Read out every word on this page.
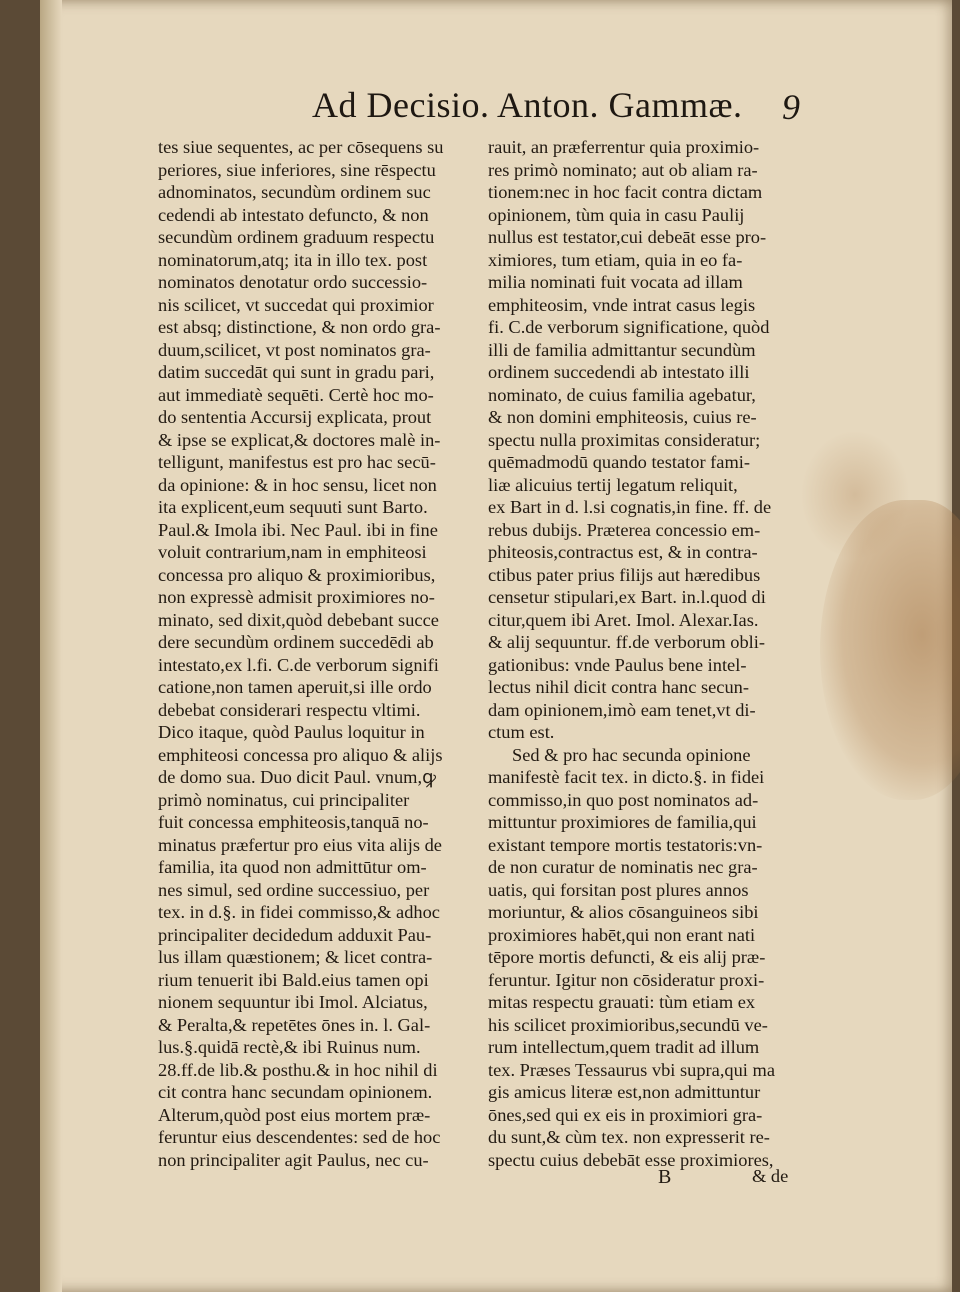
Ad Decisio. Anton. Gammæ. 9
tes siue sequentes, ac per cōsequens su
periores, siue inferiores, sine rēspectu
adnominatos, secundùm ordinem suc
cedendi ab intestato defuncto, & non
secundùm ordinem graduum respectu
nominatorum,atq; ita in illo tex. post
nominatos denotatur ordo successio-
nis scilicet, vt succedat qui proximior
est absq; distinctione, & non ordo gra-
duum,scilicet, vt post nominatos gra-
datim succedāt qui sunt in gradu pari,
aut immediatè sequēti. Certè hoc mo-
do sententia Accursij explicata, prout
& ipse se explicat,& doctores malè in-
telligunt, manifestus est pro hac secū-
da opinione: & in hoc sensu, licet non
ita explicent,eum sequuti sunt Barto.
Paul.& Imola ibi. Nec Paul. ibi in fine
voluit contrarium,nam in emphiteosi
concessa pro aliquo & proximioribus,
non expressè admisit proximiores no-
minato, sed dixit,quòd debebant succe
dere secundùm ordinem succedēdi ab
intestato,ex l.fi. C.de verborum signifi
catione,non tamen aperuit,si ille ordo
debebat considerari respectu vltimi.
Dico itaque, quòd Paulus loquitur in
emphiteosi concessa pro aliquo & alijs
de domo sua. Duo dicit Paul. vnum,ꝙ
primò nominatus, cui principaliter
fuit concessa emphiteosis,tanquā no-
minatus præfertur pro eius vita alijs de
familia, ita quod non admittūtur om-
nes simul, sed ordine successiuo, per
tex. in d.§. in fidei commisso,& adhoc
principaliter decidedum adduxit Pau-
lus illam quæstionem; & licet contra-
rium tenuerit ibi Bald.eius tamen opi
nionem sequuntur ibi Imol. Alciatus,
& Peralta,& repetētes ōnes in. l. Gal-
lus.§.quidā rectè,& ibi Ruinus num.
28.ff.de lib.& posthu.& in hoc nihil di
cit contra hanc secundam opinionem.
Alterum,quòd post eius mortem præ-
feruntur eius descendentes: sed de hoc
non principaliter agit Paulus, nec cu-
rauit, an præferrentur quia proximio-
res primò nominato; aut ob aliam ra-
tionem:nec in hoc facit contra dictam
opinionem, tùm quia in casu Paulij
nullus est testator,cui debeāt esse pro-
ximiores, tum etiam, quia in eo fa-
milia nominati fuit vocata ad illam
emphiteosim, vnde intrat casus legis
fi. C.de verborum significatione, quòd
illi de familia admittantur secundùm
ordinem succedendi ab intestato illi
nominato, de cuius familia agebatur,
& non domini emphiteosis, cuius re-
spectu nulla proximitas consideratur;
quēmadmodū quando testator fami-
liæ alicuius tertij legatum reliquit,
ex Bart in d. l.si cognatis,in fine. ff. de
rebus dubijs. Præterea concessio em-
phiteosis,contractus est, & in contra-
ctibus pater prius filijs aut hæredibus
censetur stipulari,ex Bart. in.l.quod di
citur,quem ibi Aret. Imol. Alexar.Ias.
& alij sequuntur. ff.de verborum obli-
gationibus: vnde Paulus bene intel-
lectus nihil dicit contra hanc secun-
dam opinionem,imò eam tenet,vt di-
ctum est.
Sed & pro hac secunda opinione
manifestè facit tex. in dicto.§. in fidei
commisso,in quo post nominatos ad-
mittuntur proximiores de familia,qui
existant tempore mortis testatoris:vn-
de non curatur de nominatis nec gra-
uatis, qui forsitan post plures annos
moriuntur, & alios cōsanguineos sibi
proximiores habēt,qui non erant nati
tēpore mortis defuncti, & eis alij præ-
feruntur. Igitur non cōsideratur proxi-
mitas respectu grauati: tùm etiam ex
his scilicet proximioribus,secundū ve-
rum intellectum,quem tradit ad illum
tex. Præses Tessaurus vbi supra,qui ma
gis amicus literæ est,non admittuntur
ōnes,sed qui ex eis in proximiori gra-
du sunt,& cùm tex. non expresserit re-
spectu cuius debebāt esse proximiores,
B	& de
